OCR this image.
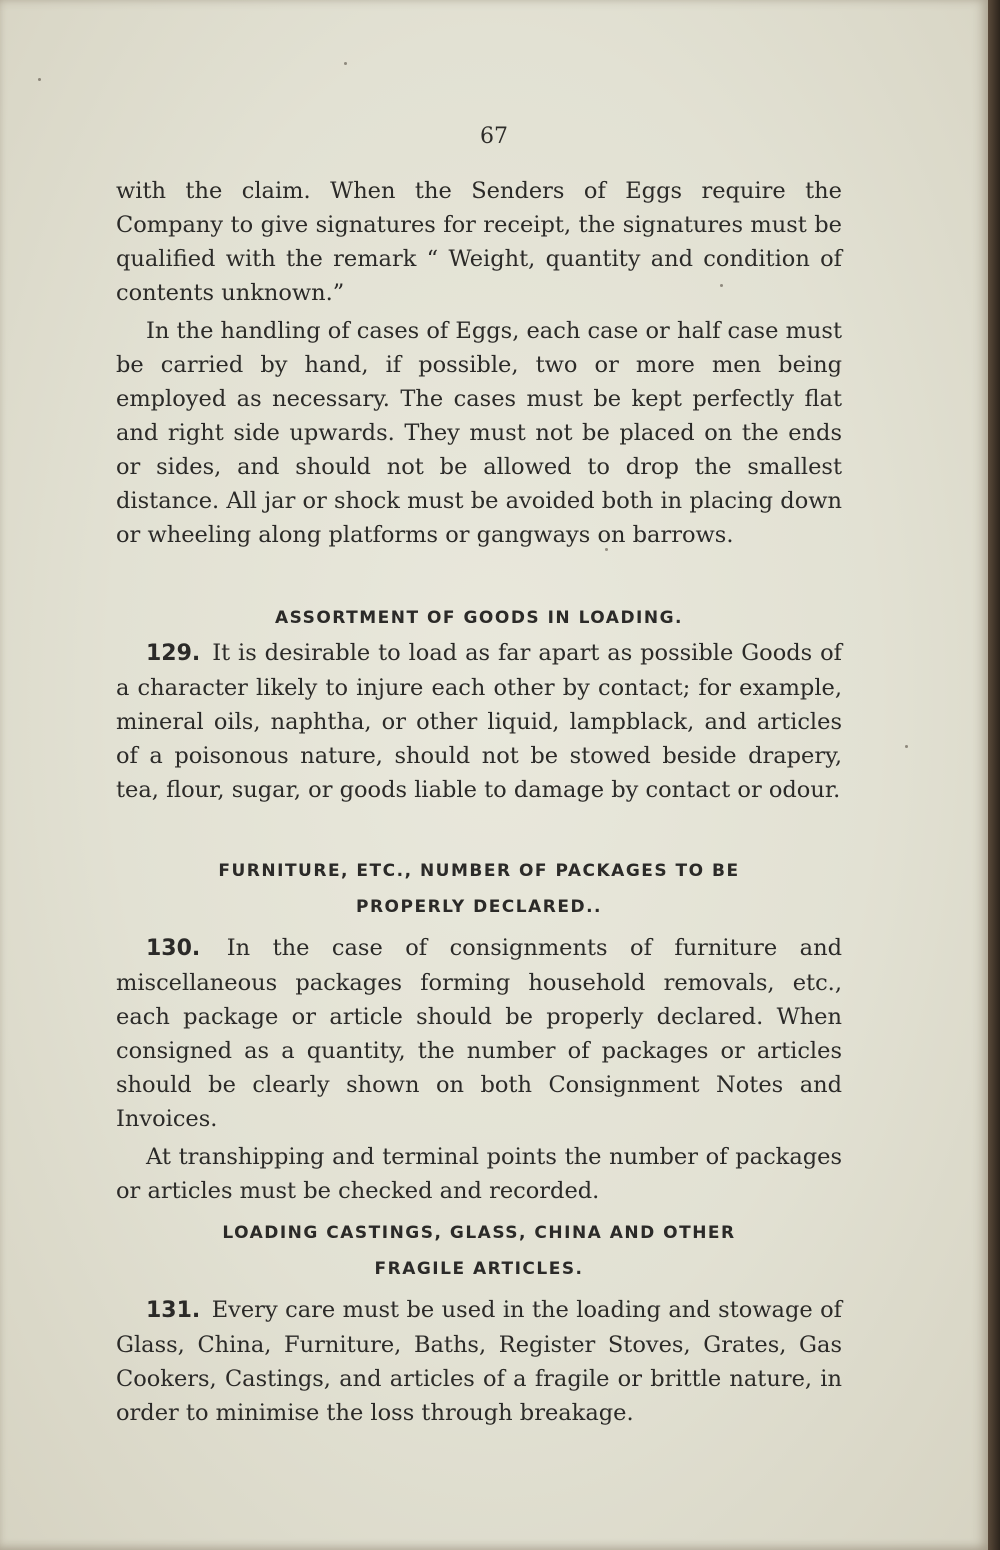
67

with the claim. When the Senders of Eggs require the Company to give signatures for receipt, the signatures must be qualified with the remark “ Weight, quantity and condition of contents unknown.”

In the handling of cases of Eggs, each case or half case must be carried by hand, if possible, two or more men being employed as necessary. The cases must be kept perfectly flat and right side upwards. They must not be placed on the ends or sides, and should not be allowed to drop the smallest distance. All jar or shock must be avoided both in placing down or wheeling along platforms or gangways on barrows.

ASSORTMENT OF GOODS IN LOADING.

129. It is desirable to load as far apart as possible Goods of a character likely to injure each other by contact; for example, mineral oils, naphtha, or other liquid, lampblack, and articles of a poisonous nature, should not be stowed beside drapery, tea, flour, sugar, or goods liable to damage by contact or odour.

FURNITURE, ETC., NUMBER OF PACKAGES TO BE
PROPERLY DECLARED..

130. In the case of consignments of furniture and miscellaneous packages forming household removals, etc., each package or article should be properly declared. When consigned as a quantity, the number of packages or articles should be clearly shown on both Consignment Notes and Invoices.

At transhipping and terminal points the number of packages or articles must be checked and recorded.

LOADING CASTINGS, GLASS, CHINA AND OTHER
FRAGILE ARTICLES.

131. Every care must be used in the loading and stowage of Glass, China, Furniture, Baths, Register Stoves, Grates, Gas Cookers, Castings, and articles of a fragile or brittle nature, in order to minimise the loss through breakage.
